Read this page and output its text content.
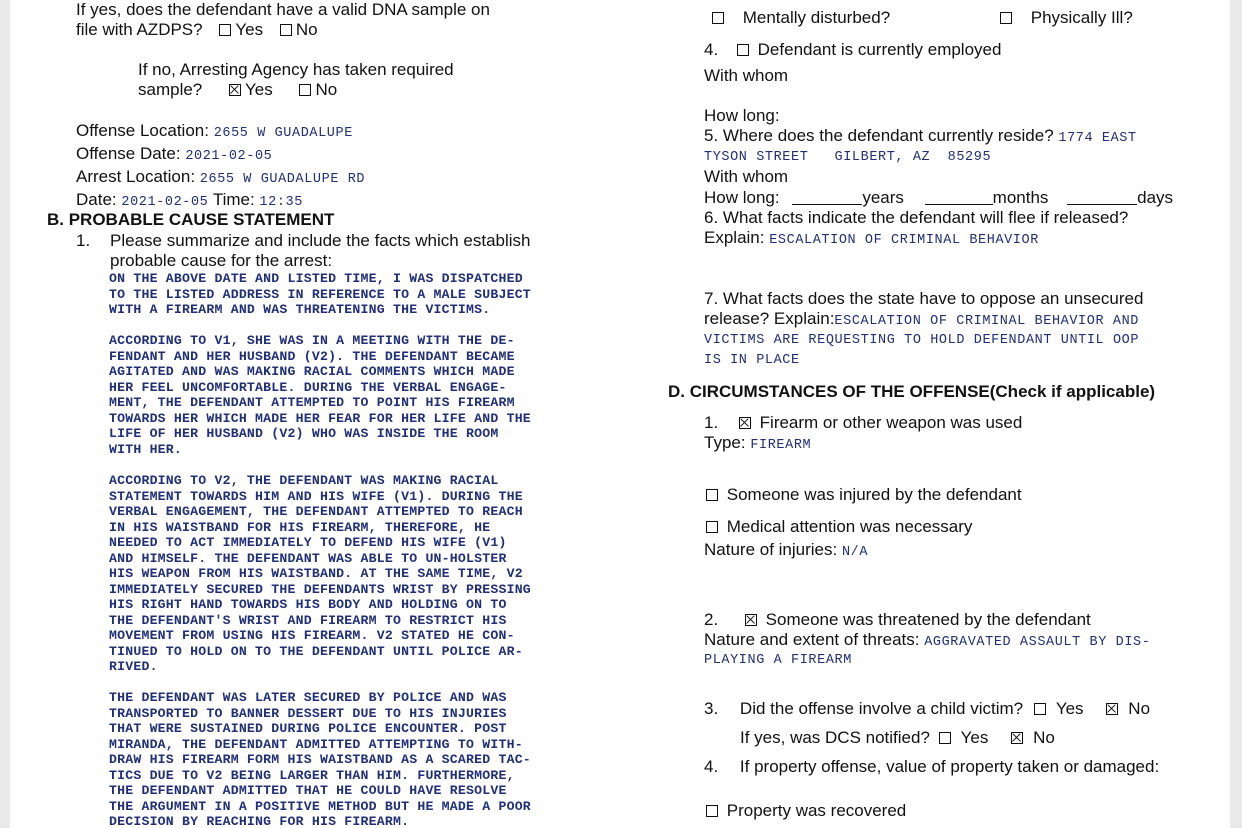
If yes, does the defendant have a valid DNA sample on
file with AZDPS? Yes No
If no, Arresting Agency has taken required
sample?	Yes	No
Offense Location: 2655 W GUADALUPE
Offense Date: 2021-02-05
Arrest Location: 2655 W GUADALUPE RD
Date: 2021-02-05 Time: 12:35
B. PROBABLE CAUSE STATEMENT
1. Please summarize and include the facts which establish
probable cause for the arrest:
ON THE ABOVE DATE AND LISTED TIME, I WAS DISPATCHED
TO THE LISTED ADDRESS IN REFERENCE TO A MALE SUBJECT
WITH A FIREARM AND WAS THREATENING THE VICTIMS.
ACCORDING TO V1, SHE WAS IN A MEETING WITH THE DE-
FENDANT AND HER HUSBAND (V2). THE DEFENDANT BECAME
AGITATED AND WAS MAKING RACIAL COMMENTS WHICH MADE
HER FEEL UNCOMFORTABLE. DURING THE VERBAL ENGAGE-
MENT, THE DEFENDANT ATTEMPTED TO POINT HIS FIREARM
TOWARDS HER WHICH MADE HER FEAR FOR HER LIFE AND THE
LIFE OF HER HUSBAND (V2) WHO WAS INSIDE THE ROOM
WITH HER.
ACCORDING TO V2, THE DEFENDANT WAS MAKING RACIAL
STATEMENT TOWARDS HIM AND HIS WIFE (V1). DURING THE
VERBAL ENGAGEMENT, THE DEFENDANT ATTEMPTED TO REACH
IN HIS WAISTBAND FOR HIS FIREARM, THEREFORE, HE
NEEDED TO ACT IMMEDIATELY TO DEFEND HIS WIFE (V1)
AND HIMSELF. THE DEFENDANT WAS ABLE TO UN-HOLSTER
HIS WEAPON FROM HIS WAISTBAND. AT THE SAME TIME, V2
IMMEDIATELY SECURED THE DEFENDANTS WRIST BY PRESSING
HIS RIGHT HAND TOWARDS HIS BODY AND HOLDING ON TO
THE DEFENDANT'S WRIST AND FIREARM TO RESTRICT HIS
MOVEMENT FROM USING HIS FIREARM. V2 STATED HE CON-
TINUED TO HOLD ON TO THE DEFENDANT UNTIL POLICE AR-
RIVED.
THE DEFENDANT WAS LATER SECURED BY POLICE AND WAS
TRANSPORTED TO BANNER DESSERT DUE TO HIS INJURIES
THAT WERE SUSTAINED DURING POLICE ENCOUNTER. POST
MIRANDA, THE DEFENDANT ADMITTED ATTEMPTING TO WITH-
DRAW HIS FIREARM FORM HIS WAISTBAND AS A SCARED TAC-
TICS DUE TO V2 BEING LARGER THAN HIM. FURTHERMORE,
THE DEFENDANT ADMITTED THAT HE COULD HAVE RESOLVE
THE ARGUMENT IN A POSITIVE METHOD BUT HE MADE A POOR
DECISION BY REACHING FOR HIS FIREARM.
Mentally disturbed?	Physically Ill?
4. Defendant is currently employed
With whom
How long:
5. Where does the defendant currently reside? 1774 EAST
TYSON STREET   GILBERT, AZ  85295
With whom
How long:	years	months	days
6. What facts indicate the defendant will flee if released?
Explain: ESCALATION OF CRIMINAL BEHAVIOR
7. What facts does the state have to oppose an unsecured
release? Explain:ESCALATION OF CRIMINAL BEHAVIOR AND
VICTIMS ARE REQUESTING TO HOLD DEFENDANT UNTIL OOP
IS IN PLACE
D. CIRCUMSTANCES OF THE OFFENSE(Check if applicable)
1. Firearm or other weapon was used
Type: FIREARM
Someone was injured by the defendant
Medical attention was necessary
Nature of injuries: N/A
2.	Someone was threatened by the defendant
Nature and extent of threats: AGGRAVATED ASSAULT BY DIS-
PLAYING A FIREARM
3. Did the offense involve a child victim? Yes	No
If yes, was DCS notified? Yes	No
4. If property offense, value of property taken or damaged:
Property was recovered
